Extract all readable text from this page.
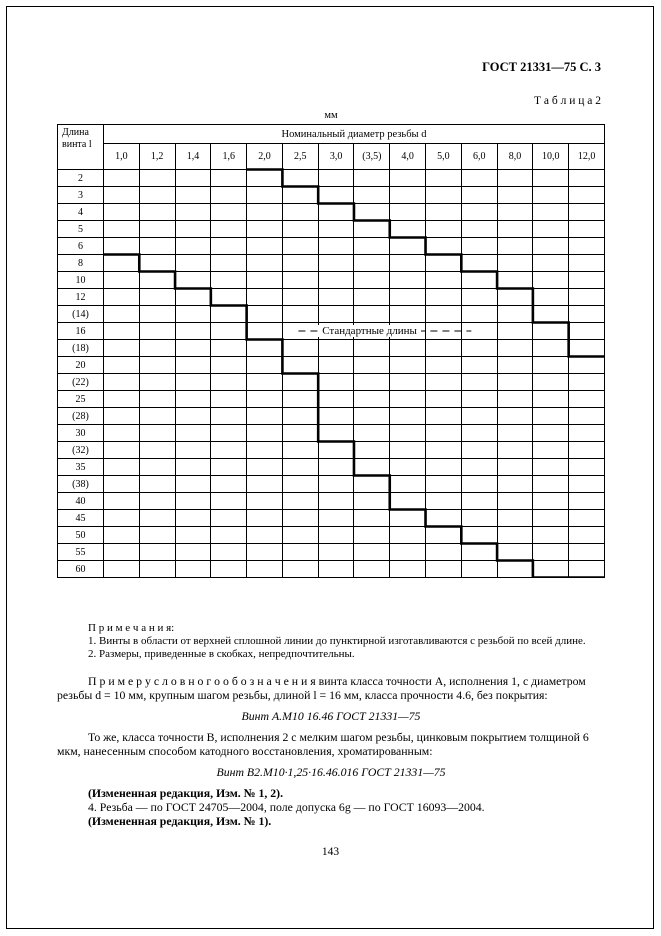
ГОСТ 21331—75 С. 3
Т а б л и ц а 2
мм
Длина
винта l	Номинальный диаметр резьбы d													
	1,0	1,2	1,4	1,6	2,0	2,5	3,0	(3,5)	4,0	5,0	6,0	8,0	10,0	12,0
2														
3														
4														
5														
6														
8														
10														
12														
(14)														
16														
(18)														
20														
(22)														
25														
(28)														
30														
(32)														
35														
(38)														
40														
45														
50														
55														
60														
Стандартные длины
П р и м е ч а н и я:
1. Винты в области от верхней сплошной линии до пунктирной изготавливаются с резьбой по всей длине.
2. Размеры, приведенные в скобках, непредпочтительны.

П р и м е р у с л о в н о г о о б о з н а ч е н и я винта класса точности А, исполнения 1, с диаметром резьбы d = 10 мм, крупным шагом резьбы, длиной l = 16 мм, класса прочности 4.6, без покрытия:

Винт А.М10 16.46 ГОСТ 21331—75

То же, класса точности В, исполнения 2 с мелким шагом резьбы, цинковым покрытием толщиной 6 мкм, нанесенным способом катодного восстановления, хроматированным:

Винт В2.М10·1,25·16.46.016 ГОСТ 21331—75
(Измененная редакция, Изм. № 1, 2).
4. Резьба — по ГОСТ 24705—2004, поле допуска 6g — по ГОСТ 16093—2004.
(Измененная редакция, Изм. № 1).
143
